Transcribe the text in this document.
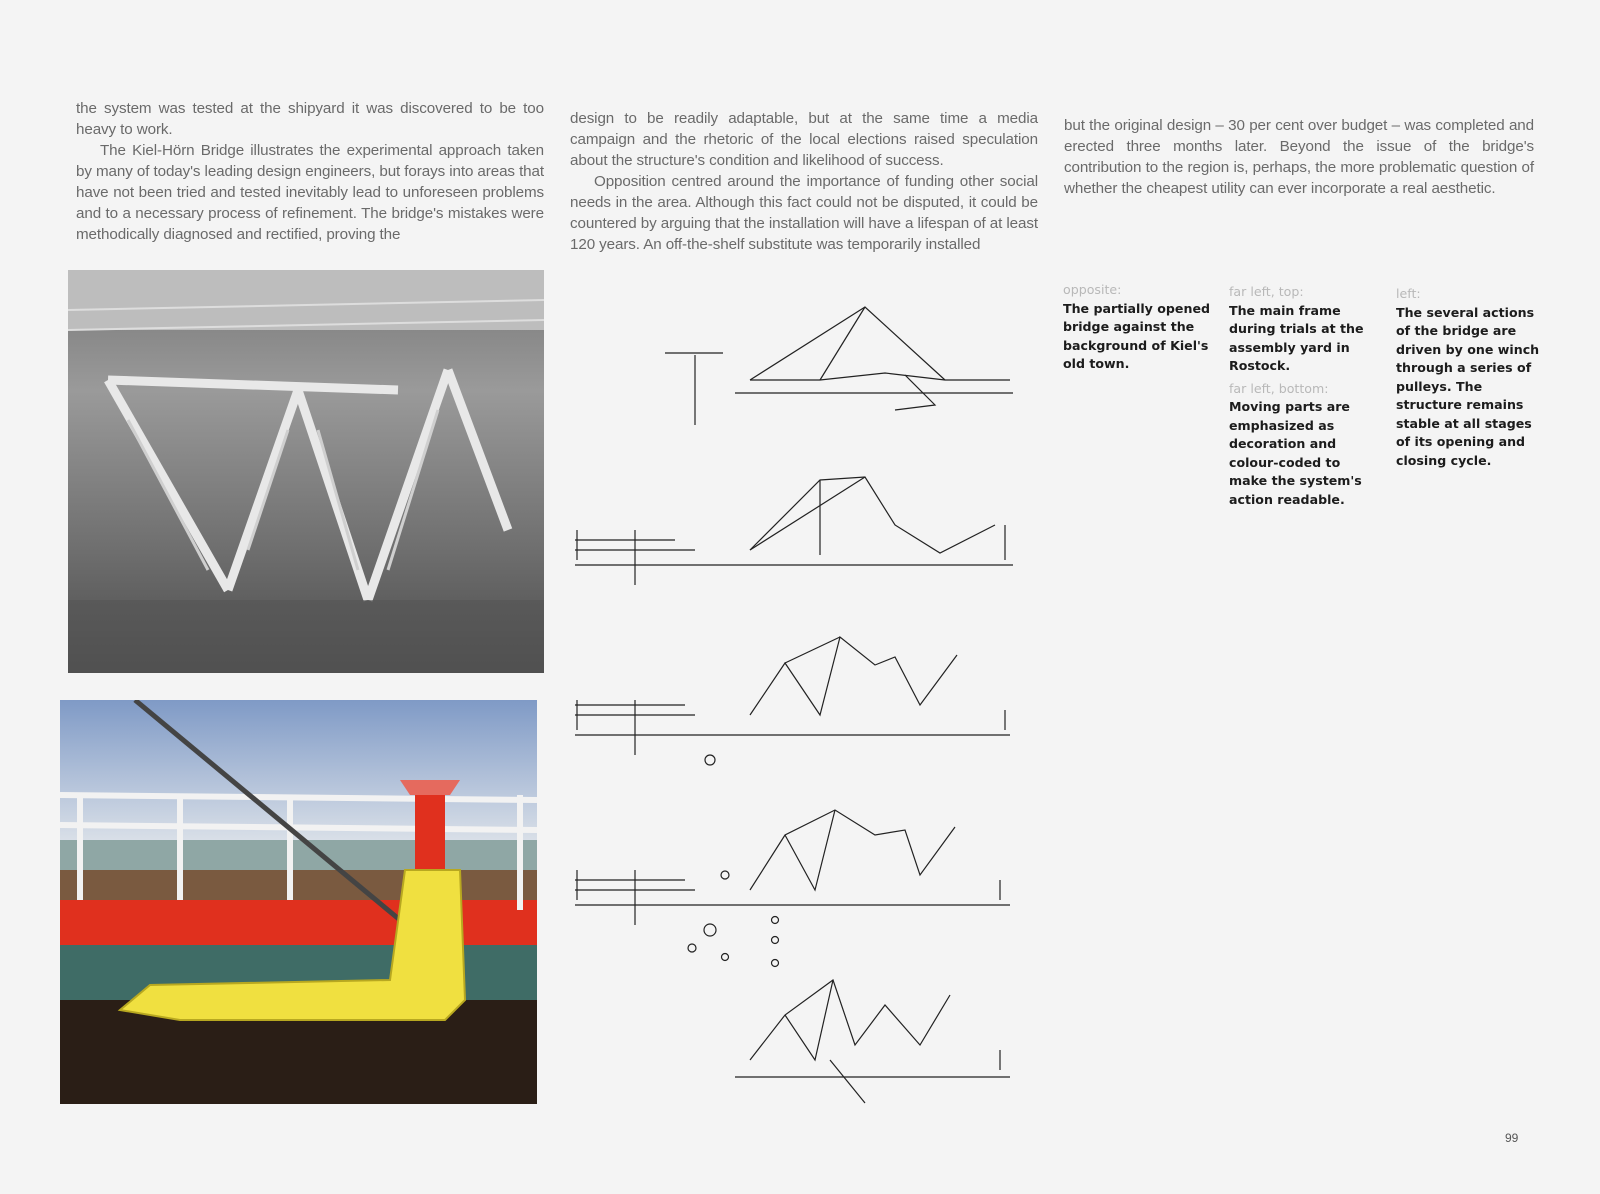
the system was tested at the shipyard it was discovered to be too heavy to work.

The Kiel-Hörn Bridge illustrates the experimental approach taken by many of today's leading design engineers, but forays into areas that have not been tried and tested inevitably lead to unforeseen problems and to a necessary process of refinement. The bridge's mistakes were methodically diagnosed and rectified, proving the

design to be readily adaptable, but at the same time a media campaign and the rhetoric of the local elections raised speculation about the structure's condition and likelihood of success.

Opposition centred around the importance of funding other social needs in the area. Although this fact could not be disputed, it could be countered by arguing that the installation will have a lifespan of at least 120 years. An off-the-shelf substitute was temporarily installed

but the original design – 30 per cent over budget – was completed and erected three months later. Beyond the issue of the bridge's contribution to the region is, perhaps, the more problematic question of whether the cheapest utility can ever incorporate a real aesthetic.

opposite:
The partially opened bridge against the background of Kiel's old town.
far left, top:
The main frame during trials at the assembly yard in Rostock.
far left, bottom:
Moving parts are emphasized as decoration and colour-coded to make the system's action readable.
left:
The several actions of the bridge are driven by one winch through a series of pulleys. The structure remains stable at all stages of its opening and closing cycle.
99
